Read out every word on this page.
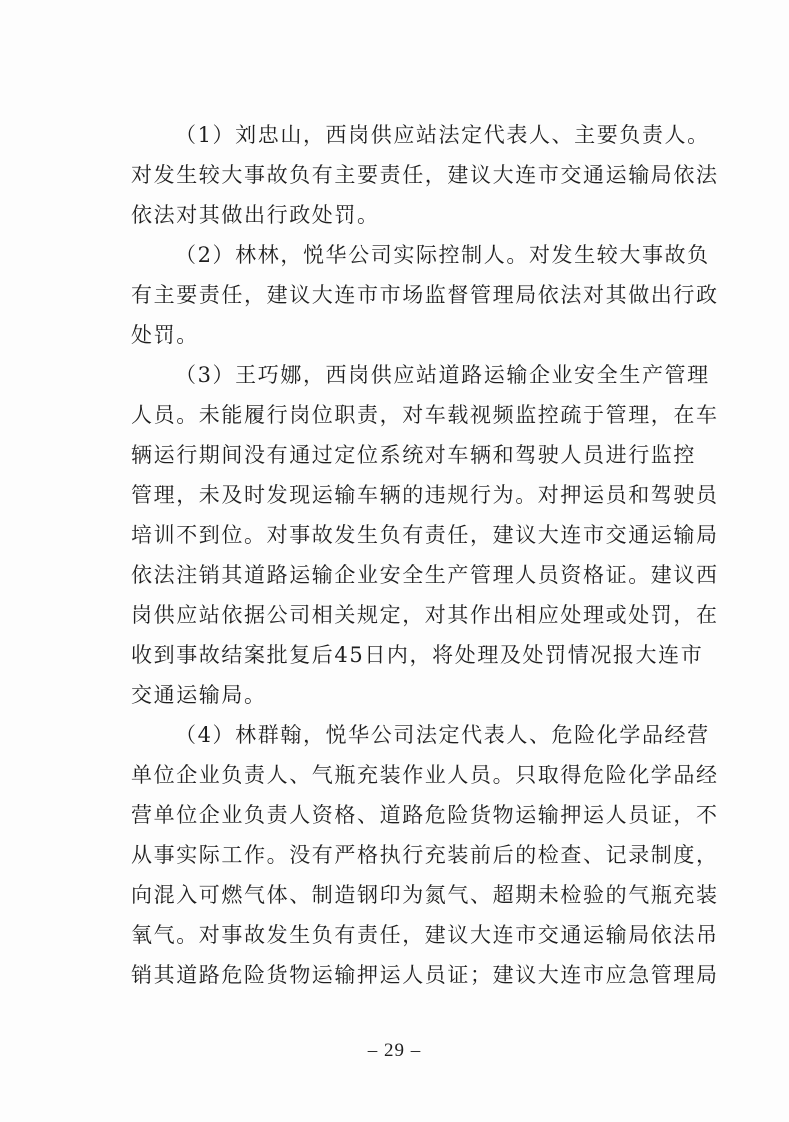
（1）刘忠山，西岗供应站法定代表人、主要负责人。
对发生较大事故负有主要责任，建议大连市交通运输局依法
依法对其做出行政处罚。
（2）林林，悦华公司实际控制人。对发生较大事故负
有主要责任，建议大连市市场监督管理局依法对其做出行政
处罚。
（3）王巧娜，西岗供应站道路运输企业安全生产管理
人员。未能履行岗位职责，对车载视频监控疏于管理，在车
辆运行期间没有通过定位系统对车辆和驾驶人员进行监控
管理，未及时发现运输车辆的违规行为。对押运员和驾驶员
培训不到位。对事故发生负有责任，建议大连市交通运输局
依法注销其道路运输企业安全生产管理人员资格证。建议西
岗供应站依据公司相关规定，对其作出相应处理或处罚，在
收到事故结案批复后45日内，将处理及处罚情况报大连市
交通运输局。
（4）林群翰，悦华公司法定代表人、危险化学品经营
单位企业负责人、气瓶充装作业人员。只取得危险化学品经
营单位企业负责人资格、道路危险货物运输押运人员证，不
从事实际工作。没有严格执行充装前后的检查、记录制度，
向混入可燃气体、制造钢印为氮气、超期未检验的气瓶充装
氧气。对事故发生负有责任，建议大连市交通运输局依法吊
销其道路危险货物运输押运人员证；建议大连市应急管理局
– 29 –
